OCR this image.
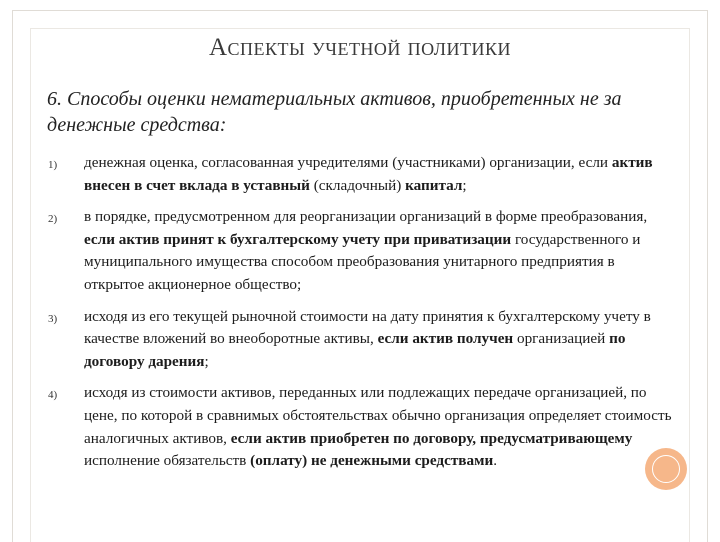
Аспекты учетной политики
6. Способы оценки нематериальных активов, приобретенных не за денежные средства:
1) денежная оценка, согласованная учредителями (участниками) организации, если актив внесен в счет вклада в уставный (складочный) капитал;
2) в порядке, предусмотренном для реорганизации организаций в форме преобразования, если актив принят к бухгалтерскому учету при приватизации государственного и муниципального имущества способом преобразования унитарного предприятия в открытое акционерное общество;
3) исходя из его текущей рыночной стоимости на дату принятия к бухгалтерскому учету в качестве вложений во внеоборотные активы, если актив получен организацией по договору дарения;
4) исходя из стоимости активов, переданных или подлежащих передаче организацией, по цене, по которой в сравнимых обстоятельствах обычно организация определяет стоимость аналогичных активов, если актив приобретен по договору, предусматривающему исполнение обязательств (оплату) не денежными средствами.
